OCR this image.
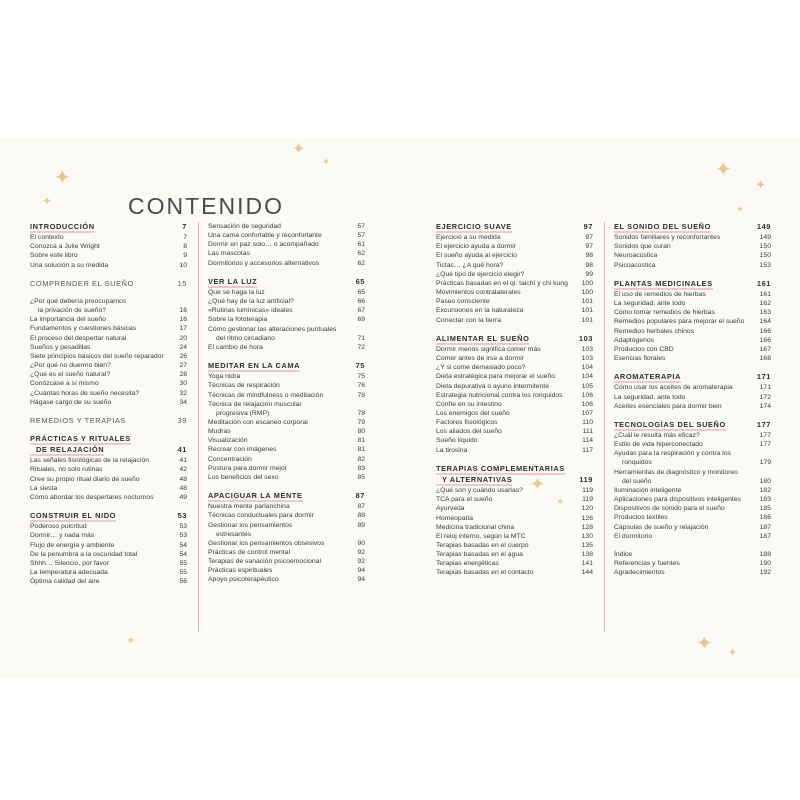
CONTENIDO
INTRODUCCIÓN	7
El contexto	7
Conozca a Julie Wright	8
Sobre este libro	9
Una solución a su medida	10
COMPRENDER EL SUEÑO	15
¿Por qué debería preocuparnos
la privación de sueño?	16
La importancia del sueño	16
Fundamentos y cuestiones básicas	17
El proceso del despertar natural	20
Sueños y pesadillas	24
Siete principios básicos del sueño reparador 26
¿Por qué no duermo bien?	27
¿Qué es el sueño natural?	28
Conózcase a sí mismo	30
¿Cuántas horas de sueño necesita?	32
Hágase cargo de su sueño	34
REMEDIOS Y TERAPIAS	39
PRÁCTICAS Y RITUALES
DE RELAJACIÓN	41
Las señales fisiológicas de la relajación	41
Rituales, no solo rutinas	42
Cree su propio ritual diario de sueño	48
La siesta	48
Cómo abordar los despertares nocturnos	49
CONSTRUIR EL NIDO	53
Poderoso pulcritud	53
Dormir… y nada más	53
Flujo de energía y ambiente	54
De la penumbra a la oscuridad total	54
Shhh… Silencio, por favor	55
La temperatura adecuada	55
Óptima calidad del aire	56
Sensación de seguridad	57
Una cama confortable y reconfortante	57
Dormir en paz solo… o acompañado	61
Las mascotas	62
Dormitorios y accesorios alternativos	62
VER LA LUZ	65
Que se haga la luz	65
¿Qué hay de la luz artificial?	66
«Rutinas lumínicas» ideales	67
Sobre la fototerapia	69
Cómo gestionar las alteraciones puntuales
del ritmo circadiano	71
El cambio de hora	72
MEDITAR EN LA CAMA	75
Yoga nidra	75
Técnicas de respiración	76
Técnicas de mindfulness o meditación	78
Técnica de relajación muscular
progresiva (RMP)	78
Meditación con escaneo corporal	79
Mudras	80
Visualización	81
Recrear con imágenes	81
Concentración	82
Postura para dormir mejor	83
Los beneficios del sexo	85
APACIGUAR LA MENTE	87
Nuestra mente parlanchina	87
Técnicas conductuales para dormir	88
Gestionar los pensamientos	89
estresantes
Gestionar los pensamientos obsesivos	90
Prácticas de control mental	92
Terapias de sanación psicoemocional	92
Prácticas espirituales	94
Apoyo psicoterapéutico	94
EJERCICIO SUAVE	97
Ejercicio a su medida	97
El ejercicio ayuda a dormir	97
El sueño ayuda al ejercicio	98
Tictac… ¿A qué hora?	98
¿Qué tipo de ejercicio elegir?	99
Prácticas basadas en el qi: taichí y chi kung 100
Movimientos contralaterales	100
Paseo consciente	101
Excursiones en la naturaleza	101
Conectar con la tierra	101
ALIMENTAR EL SUEÑO	103
Dormir menos significa comer más	103
Comer antes de irse a dormir	103
¿Y si come demasiado poco?	104
Dieta estratégica para mejorar el sueño	104
Dieta depurativa o ayuno intermitente	105
Estrategia nutricional contra los ronquidos	106
Confíe en su intestino	106
Los enemigos del sueño	107
Factores fisiológicos	110
Los aliados del sueño	111
Sueño líquido	114
La tirosina	117
TERAPIAS COMPLEMENTARIAS
Y ALTERNATIVAS	119
¿Qué son y cuándo usarlas?	119
TCA para el sueño	119
Ayurveda	120
Homeopatía	126
Medicina tradicional china	128
El reloj interno, según la MTC	130
Terapias basadas en el cuerpo	135
Terapias basadas en el agua	138
Terapias energéticas	141
Terapias basadas en el contacto	144
EL SONIDO DEL SUEÑO	149
Sonidos familiares y reconfortantes	149
Sonidos que curan	150
Neuroacústica	150
Psicoacústica	153
PLANTAS MEDICINALES	161
El uso de remedios de hierbas	161
La seguridad, ante todo	162
Cómo tomar remedios de hierbas	163
Remedios populares para mejorar el sueño 164
Remedios herbales chinos	166
Adaptógenos	166
Productos con CBD	167
Esencias florales	168
AROMATERAPIA	171
Cómo usar los aceites de aromaterapia	171
La seguridad, ante todo	172
Aceites esenciales para dormir bien	174
TECNOLOGÍAS DEL SUEÑO	177
¿Cuál le resulta más eficaz?	177
Estilo de vida hiperconectado	177
Ayudas para la respiración y contra los
ronquidos	179
Herramientas de diagnóstico y monitoreo
del sueño	180
Iluminación inteligente	182
Aplicaciones para dispositivos inteligentes	183
Dispositivos de sonido para el sueño	185
Productos textiles	186
Cápsulas de sueño y relajación	187
El dormitorio	187
Índice	188
Referencias y fuentes	190
Agradecimientos	192
✦
✦
✦
✦
✦
✦
✦
✦
✦
✦	✦ ✦
